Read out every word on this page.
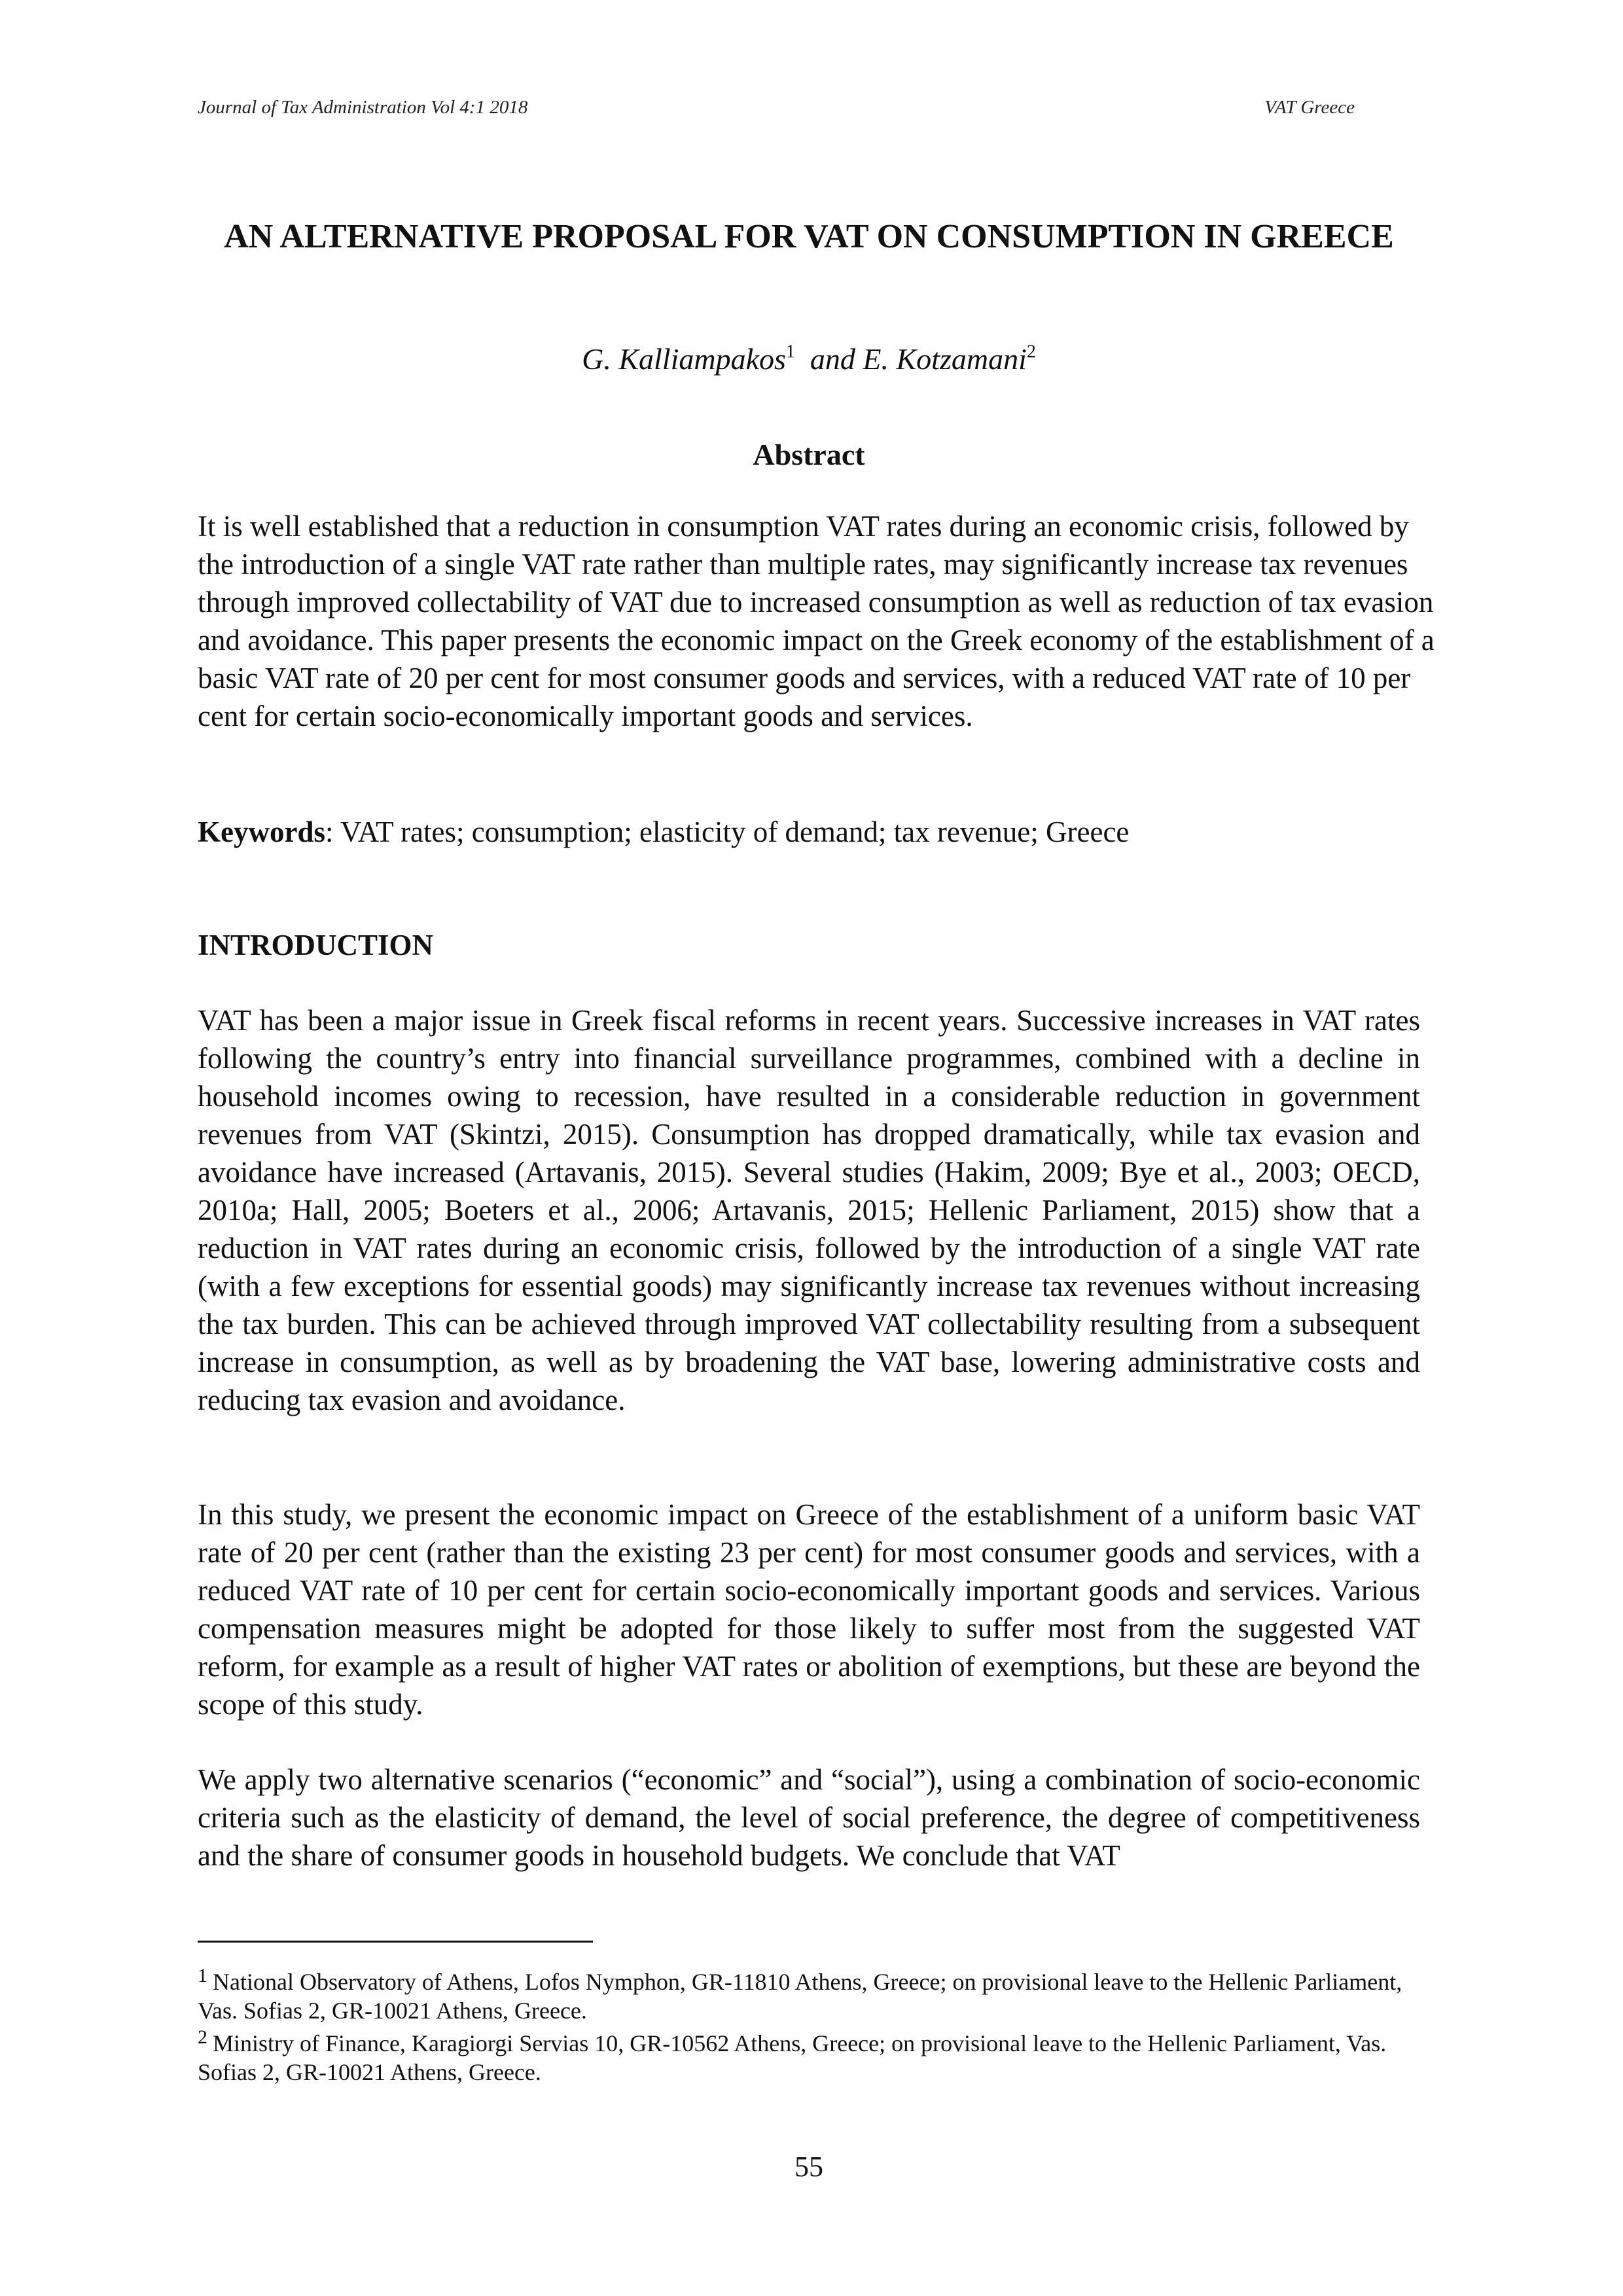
Journal of Tax Administration Vol 4:1 2018	VAT Greece
AN ALTERNATIVE PROPOSAL FOR VAT ON CONSUMPTION IN GREECE
G. Kalliampakos$^1$ and E. Kotzamani$^2$
Abstract
It is well established that a reduction in consumption VAT rates during an economic crisis, followed by the introduction of a single VAT rate rather than multiple rates, may significantly increase tax revenues through improved collectability of VAT due to increased consumption as well as reduction of tax evasion and avoidance. This paper presents the economic impact on the Greek economy of the establishment of a basic VAT rate of 20 per cent for most consumer goods and services, with a reduced VAT rate of 10 per cent for certain socio-economically important goods and services.
Keywords: VAT rates; consumption; elasticity of demand; tax revenue; Greece
INTRODUCTION

VAT has been a major issue in Greek fiscal reforms in recent years. Successive increases in VAT rates following the country’s entry into financial surveillance programmes, combined with a decline in household incomes owing to recession, have resulted in a considerable reduction in government revenues from VAT (Skintzi, 2015). Consumption has dropped dramatically, while tax evasion and avoidance have increased (Artavanis, 2015). Several studies (Hakim, 2009; Bye et al., 2003; OECD, 2010a; Hall, 2005; Boeters et al., 2006; Artavanis, 2015; Hellenic Parliament, 2015) show that a reduction in VAT rates during an economic crisis, followed by the introduction of a single VAT rate (with a few exceptions for essential goods) may significantly increase tax revenues without increasing the tax burden. This can be achieved through improved VAT collectability resulting from a subsequent increase in consumption, as well as by broadening the VAT base, lowering administrative costs and reducing tax evasion and avoidance.

In this study, we present the economic impact on Greece of the establishment of a uniform basic VAT rate of 20 per cent (rather than the existing 23 per cent) for most consumer goods and services, with a reduced VAT rate of 10 per cent for certain socio-economically important goods and services. Various compensation measures might be adopted for those likely to suffer most from the suggested VAT reform, for example as a result of higher VAT rates or abolition of exemptions, but these are beyond the scope of this study.

We apply two alternative scenarios (“economic” and “social”), using a combination of socio-economic criteria such as the elasticity of demand, the level of social preference, the degree of competitiveness and the share of consumer goods in household budgets. We conclude that VAT

$^1$ National Observatory of Athens, Lofos Nymphon, GR-11810 Athens, Greece; on provisional leave to the Hellenic Parliament, Vas. Sofias 2, GR-10021 Athens, Greece.

$^2$ Ministry of Finance, Karagiorgi Servias 10, GR-10562 Athens, Greece; on provisional leave to the Hellenic Parliament, Vas. Sofias 2, GR-10021 Athens, Greece.

55
